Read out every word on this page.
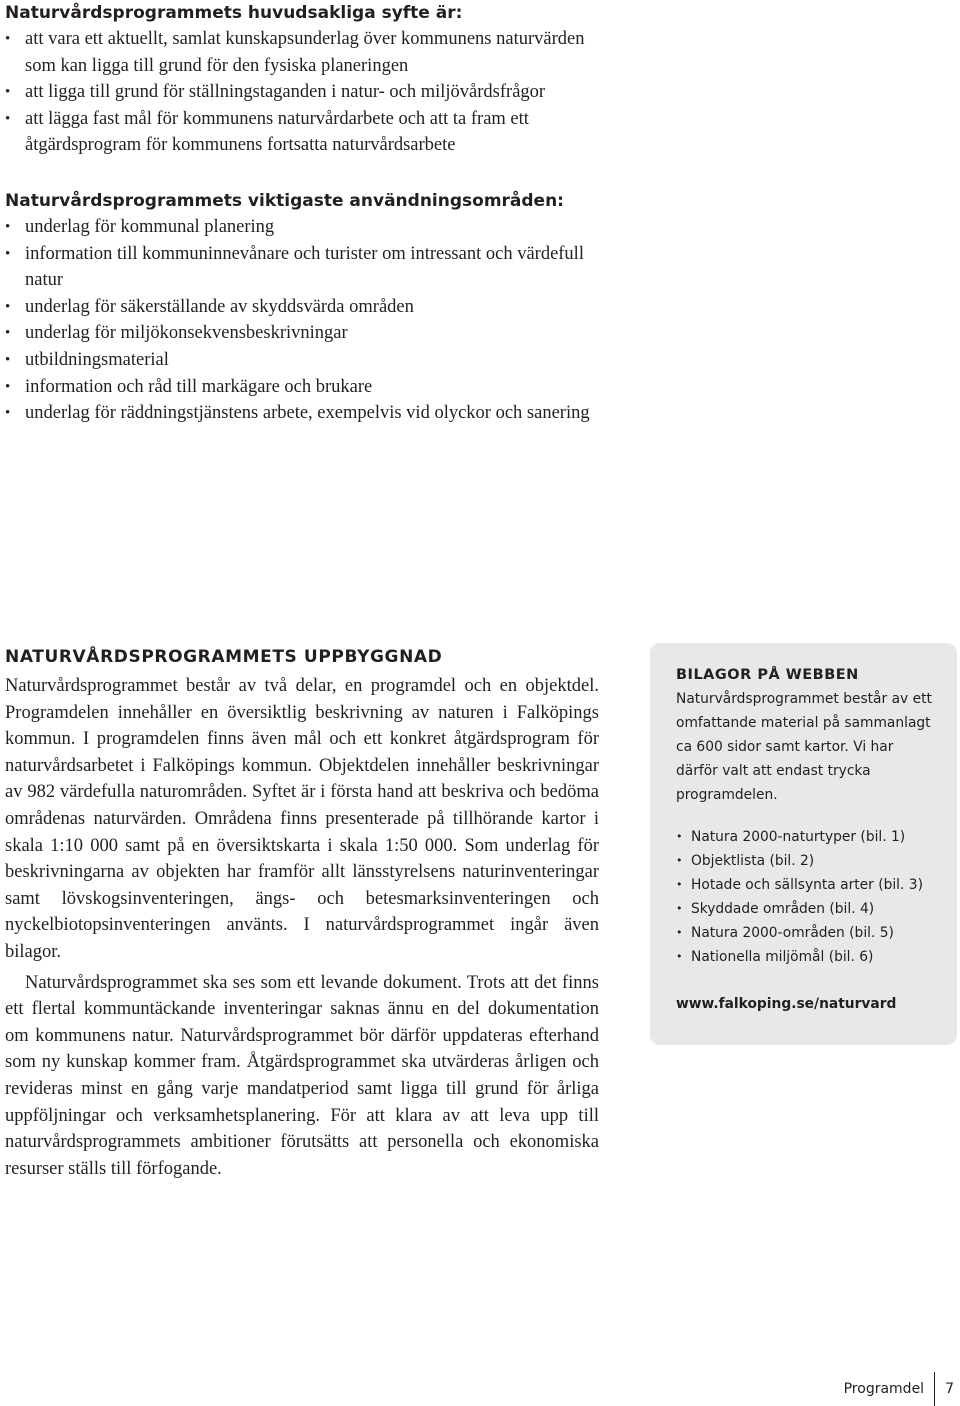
Naturvårdsprogrammets huvudsakliga syfte är:
• att vara ett aktuellt, samlat kunskapsunderlag över kommunens naturvärden som kan ligga till grund för den fysiska planeringen
• att ligga till grund för ställningstaganden i natur- och miljövårdsfrågor
• att lägga fast mål för kommunens naturvårdarbete och att ta fram ett åtgärdsprogram för kommunens fortsatta naturvårdsarbete
Naturvårdsprogrammets viktigaste användningsområden:
• underlag för kommunal planering
• information till kommuninnevånare och turister om intressant och värdefull natur
• underlag för säkerställande av skyddsvärda områden
• underlag för miljökonsekvensbeskrivningar
• utbildningsmaterial
• information och råd till markägare och brukare
• underlag för räddningstjänstens arbete, exempelvis vid olyckor och sanering
NATURVÅRDSPROGRAMMETS UPPBYGGNAD

Naturvårdsprogrammet består av två delar, en programdel och en objektdel. Programdelen innehåller en översiktlig beskrivning av naturen i Falköpings kommun. I programdelen finns även mål och ett konkret åtgärdsprogram för naturvårdsarbetet i Falköpings kommun. Objektdelen innehåller beskrivningar av 982 värdefulla naturområden. Syftet är i första hand att beskriva och bedöma områdenas naturvärden. Områdena finns presenterade på tillhörande kartor i skala 1:10 000 samt på en översiktskarta i skala 1:50 000. Som underlag för beskrivningarna av objekten har framför allt länsstyrelsens naturinventeringar samt lövskogsinventeringen, ängs- och betesmarksinventeringen och nyckelbiotopsinventeringen använts. I naturvårdsprogrammet ingår även bilagor.

Naturvårdsprogrammet ska ses som ett levande dokument. Trots att det finns ett flertal kommuntäckande inventeringar saknas ännu en del dokumentation om kommunens natur. Naturvårdsprogrammet bör därför uppdateras efterhand som ny kunskap kommer fram. Åtgärdsprogrammet ska utvärderas årligen och revideras minst en gång varje mandatperiod samt ligga till grund för årliga uppföljningar och verksamhetsplanering. För att klara av att leva upp till naturvårdsprogrammets ambitioner förutsätts att personella och ekonomiska resurser ställs till förfogande.

BILAGOR PÅ WEBBEN

Naturvårdsprogrammet består av ett omfattande material på sammanlagt ca 600 sidor samt kartor. Vi har därför valt att endast trycka programdelen.

• Natura 2000-naturtyper (bil. 1)
• Objektlista (bil. 2)
• Hotade och sällsynta arter (bil. 3)
• Skyddade områden (bil. 4)
• Natura 2000-områden (bil. 5)
• Nationella miljömål (bil. 6)
www.falkoping.se/naturvard
Programdel	7
